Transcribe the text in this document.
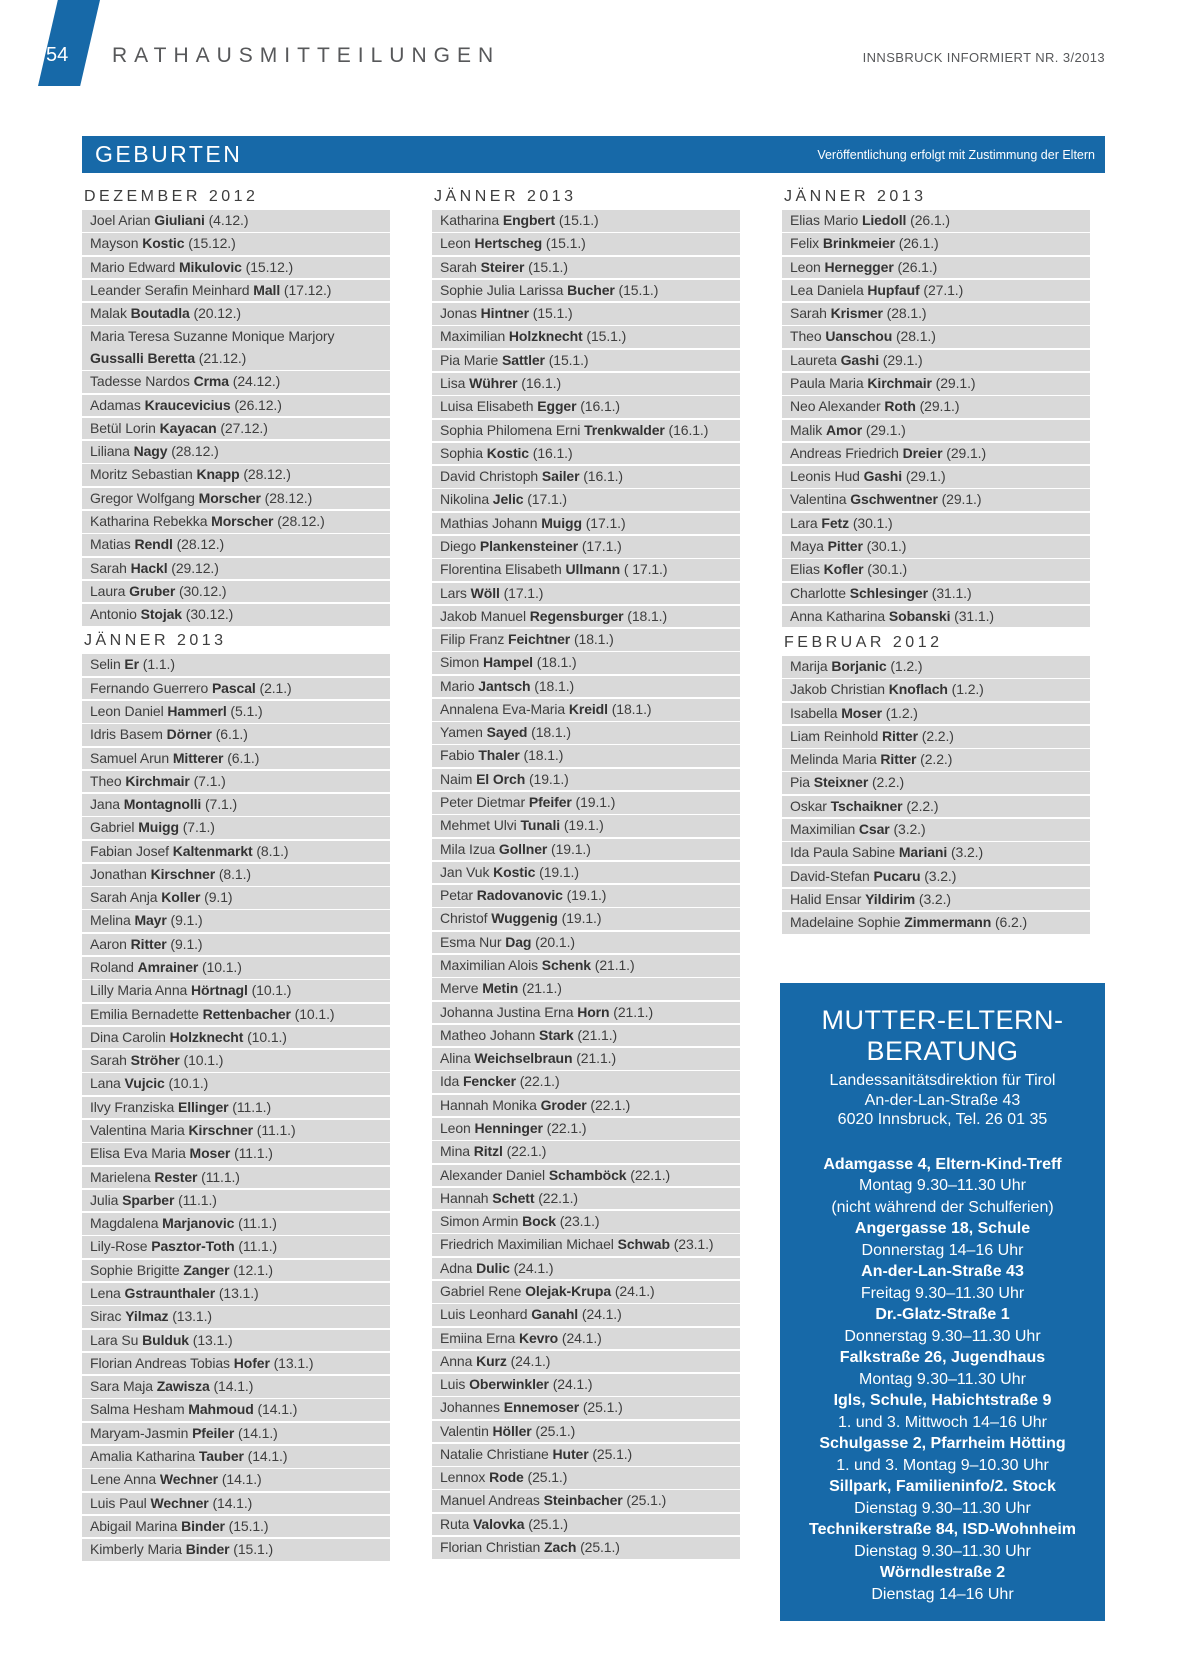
54 RATHAUSMITTEILUNGEN	INNSBRUCK INFORMIERT NR. 3/2013
GEBURTEN	Veröffentlichung erfolgt mit Zustimmung der Eltern
DEZEMBER 2012
Joel Arian Giuliani (4.12.)
Mayson Kostic (15.12.)
Mario Edward Mikulovic (15.12.)
Leander Serafin Meinhard Mall (17.12.)
Malak Boutadla (20.12.)
Maria Teresa Suzanne Monique Marjory Gussalli Beretta (21.12.)
Tadesse Nardos Crma (24.12.)
Adamas Kraucevicius (26.12.)
Betül Lorin Kayacan (27.12.)
Liliana Nagy (28.12.)
Moritz Sebastian Knapp (28.12.)
Gregor Wolfgang Morscher (28.12.)
Katharina Rebekka Morscher (28.12.)
Matias Rendl (28.12.)
Sarah Hackl (29.12.)
Laura Gruber (30.12.)
Antonio Stojak (30.12.)
JÄNNER 2013
Selin Er (1.1.)
Fernando Guerrero Pascal (2.1.)
Leon Daniel Hammerl (5.1.)
Idris Basem Dörner (6.1.)
Samuel Arun Mitterer (6.1.)
Theo Kirchmair (7.1.)
Jana Montagnolli (7.1.)
Gabriel Muigg (7.1.)
Fabian Josef Kaltenmarkt (8.1.)
Jonathan Kirschner (8.1.)
Sarah Anja Koller (9.1)
Melina Mayr (9.1.)
Aaron Ritter (9.1.)
Roland Amrainer (10.1.)
Lilly Maria Anna Hörtnagl (10.1.)
Emilia Bernadette Rettenbacher (10.1.)
Dina Carolin Holzknecht (10.1.)
Sarah Ströher (10.1.)
Lana Vujcic (10.1.)
Ilvy Franziska Ellinger (11.1.)
Valentina Maria Kirschner (11.1.)
Elisa Eva Maria Moser (11.1.)
Marielena Rester (11.1.)
Julia Sparber (11.1.)
Magdalena Marjanovic (11.1.)
Lily-Rose Pasztor-Toth (11.1.)
Sophie Brigitte Zanger (12.1.)
Lena Gstraunthaler (13.1.)
Sirac Yilmaz (13.1.)
Lara Su Bulduk (13.1.)
Florian Andreas Tobias Hofer (13.1.)
Sara Maja Zawisza (14.1.)
Salma Hesham Mahmoud (14.1.)
Maryam-Jasmin Pfeiler (14.1.)
Amalia Katharina Tauber (14.1.)
Lene Anna Wechner (14.1.)
Luis Paul Wechner (14.1.)
Abigail Marina Binder (15.1.)
Kimberly Maria Binder (15.1.)
JÄNNER 2013
Katharina Engbert (15.1.)
Leon Hertscheg (15.1.)
Sarah Steirer (15.1.)
Sophie Julia Larissa Bucher (15.1.)
Jonas Hintner (15.1.)
Maximilian Holzknecht (15.1.)
Pia Marie Sattler (15.1.)
Lisa Wührer (16.1.)
Luisa Elisabeth Egger (16.1.)
Sophia Philomena Erni Trenkwalder (16.1.)
Sophia Kostic (16.1.)
David Christoph Sailer (16.1.)
Nikolina Jelic (17.1.)
Mathias Johann Muigg (17.1.)
Diego Plankensteiner (17.1.)
Florentina Elisabeth Ullmann ( 17.1.)
Lars Wöll (17.1.)
Jakob Manuel Regensburger (18.1.)
Filip Franz Feichtner (18.1.)
Simon Hampel (18.1.)
Mario Jantsch (18.1.)
Annalena Eva-Maria Kreidl (18.1.)
Yamen Sayed (18.1.)
Fabio Thaler (18.1.)
Naim El Orch (19.1.)
Peter Dietmar Pfeifer (19.1.)
Mehmet Ulvi Tunali (19.1.)
Mila Izua Gollner (19.1.)
Jan Vuk Kostic (19.1.)
Petar Radovanovic (19.1.)
Christof Wuggenig (19.1.)
Esma Nur Dag (20.1.)
Maximilian Alois Schenk (21.1.)
Merve Metin (21.1.)
Johanna Justina Erna Horn (21.1.)
Matheo Johann Stark (21.1.)
Alina Weichselbraun (21.1.)
Ida Fencker (22.1.)
Hannah Monika Groder (22.1.)
Leon Henninger (22.1.)
Mina Ritzl (22.1.)
Alexander Daniel Schamböck (22.1.)
Hannah Schett (22.1.)
Simon Armin Bock (23.1.)
Friedrich Maximilian Michael Schwab (23.1.)
Adna Dulic (24.1.)
Gabriel Rene Olejak-Krupa (24.1.)
Luis Leonhard Ganahl (24.1.)
Emiina Erna Kevro (24.1.)
Anna Kurz (24.1.)
Luis Oberwinkler (24.1.)
Johannes Ennemoser (25.1.)
Valentin Höller (25.1.)
Natalie Christiane Huter (25.1.)
Lennox Rode (25.1.)
Manuel Andreas Steinbacher (25.1.)
Ruta Valovka (25.1.)
Florian Christian Zach (25.1.)
JÄNNER 2013
Elias Mario Liedoll (26.1.)
Felix Brinkmeier (26.1.)
Leon Hernegger (26.1.)
Lea Daniela Hupfauf (27.1.)
Sarah Krismer (28.1.)
Theo Uanschou (28.1.)
Laureta Gashi (29.1.)
Paula Maria Kirchmair (29.1.)
Neo Alexander Roth (29.1.)
Malik Amor (29.1.)
Andreas Friedrich Dreier (29.1.)
Leonis Hud Gashi (29.1.)
Valentina Gschwentner (29.1.)
Lara Fetz (30.1.)
Maya Pitter (30.1.)
Elias Kofler (30.1.)
Charlotte Schlesinger (31.1.)
Anna Katharina Sobanski (31.1.)
FEBRUAR 2012
Marija Borjanic (1.2.)
Jakob Christian Knoflach (1.2.)
Isabella Moser (1.2.)
Liam Reinhold Ritter (2.2.)
Melinda Maria Ritter (2.2.)
Pia Steixner (2.2.)
Oskar Tschaikner (2.2.)
Maximilian Csar (3.2.)
Ida Paula Sabine Mariani (3.2.)
David-Stefan Pucaru (3.2.)
Halid Ensar Yildirim (3.2.)
Madelaine Sophie Zimmermann (6.2.)
MUTTER-ELTERN-
BERATUNG
Landessanitätsdirektion für Tirol
An-der-Lan-Straße 43
6020 Innsbruck, Tel. 26 01 35
Adamgasse 4, Eltern-Kind-Treff
Montag 9.30–11.30 Uhr
(nicht während der Schulferien)
Angergasse 18, Schule
Donnerstag 14–16 Uhr
An-der-Lan-Straße 43
Freitag 9.30–11.30 Uhr
Dr.-Glatz-Straße 1
Donnerstag 9.30–11.30 Uhr
Falkstraße 26, Jugendhaus
Montag 9.30–11.30 Uhr
Igls, Schule, Habichtstraße 9
1. und 3. Mittwoch 14–16 Uhr
Schulgasse 2, Pfarrheim Hötting
1. und 3. Montag 9–10.30 Uhr
Sillpark, Familieninfo/2. Stock
Dienstag 9.30–11.30 Uhr
Technikerstraße 84, ISD-Wohnheim
Dienstag 9.30–11.30 Uhr
Wörndlestraße 2
Dienstag 14–16 Uhr
